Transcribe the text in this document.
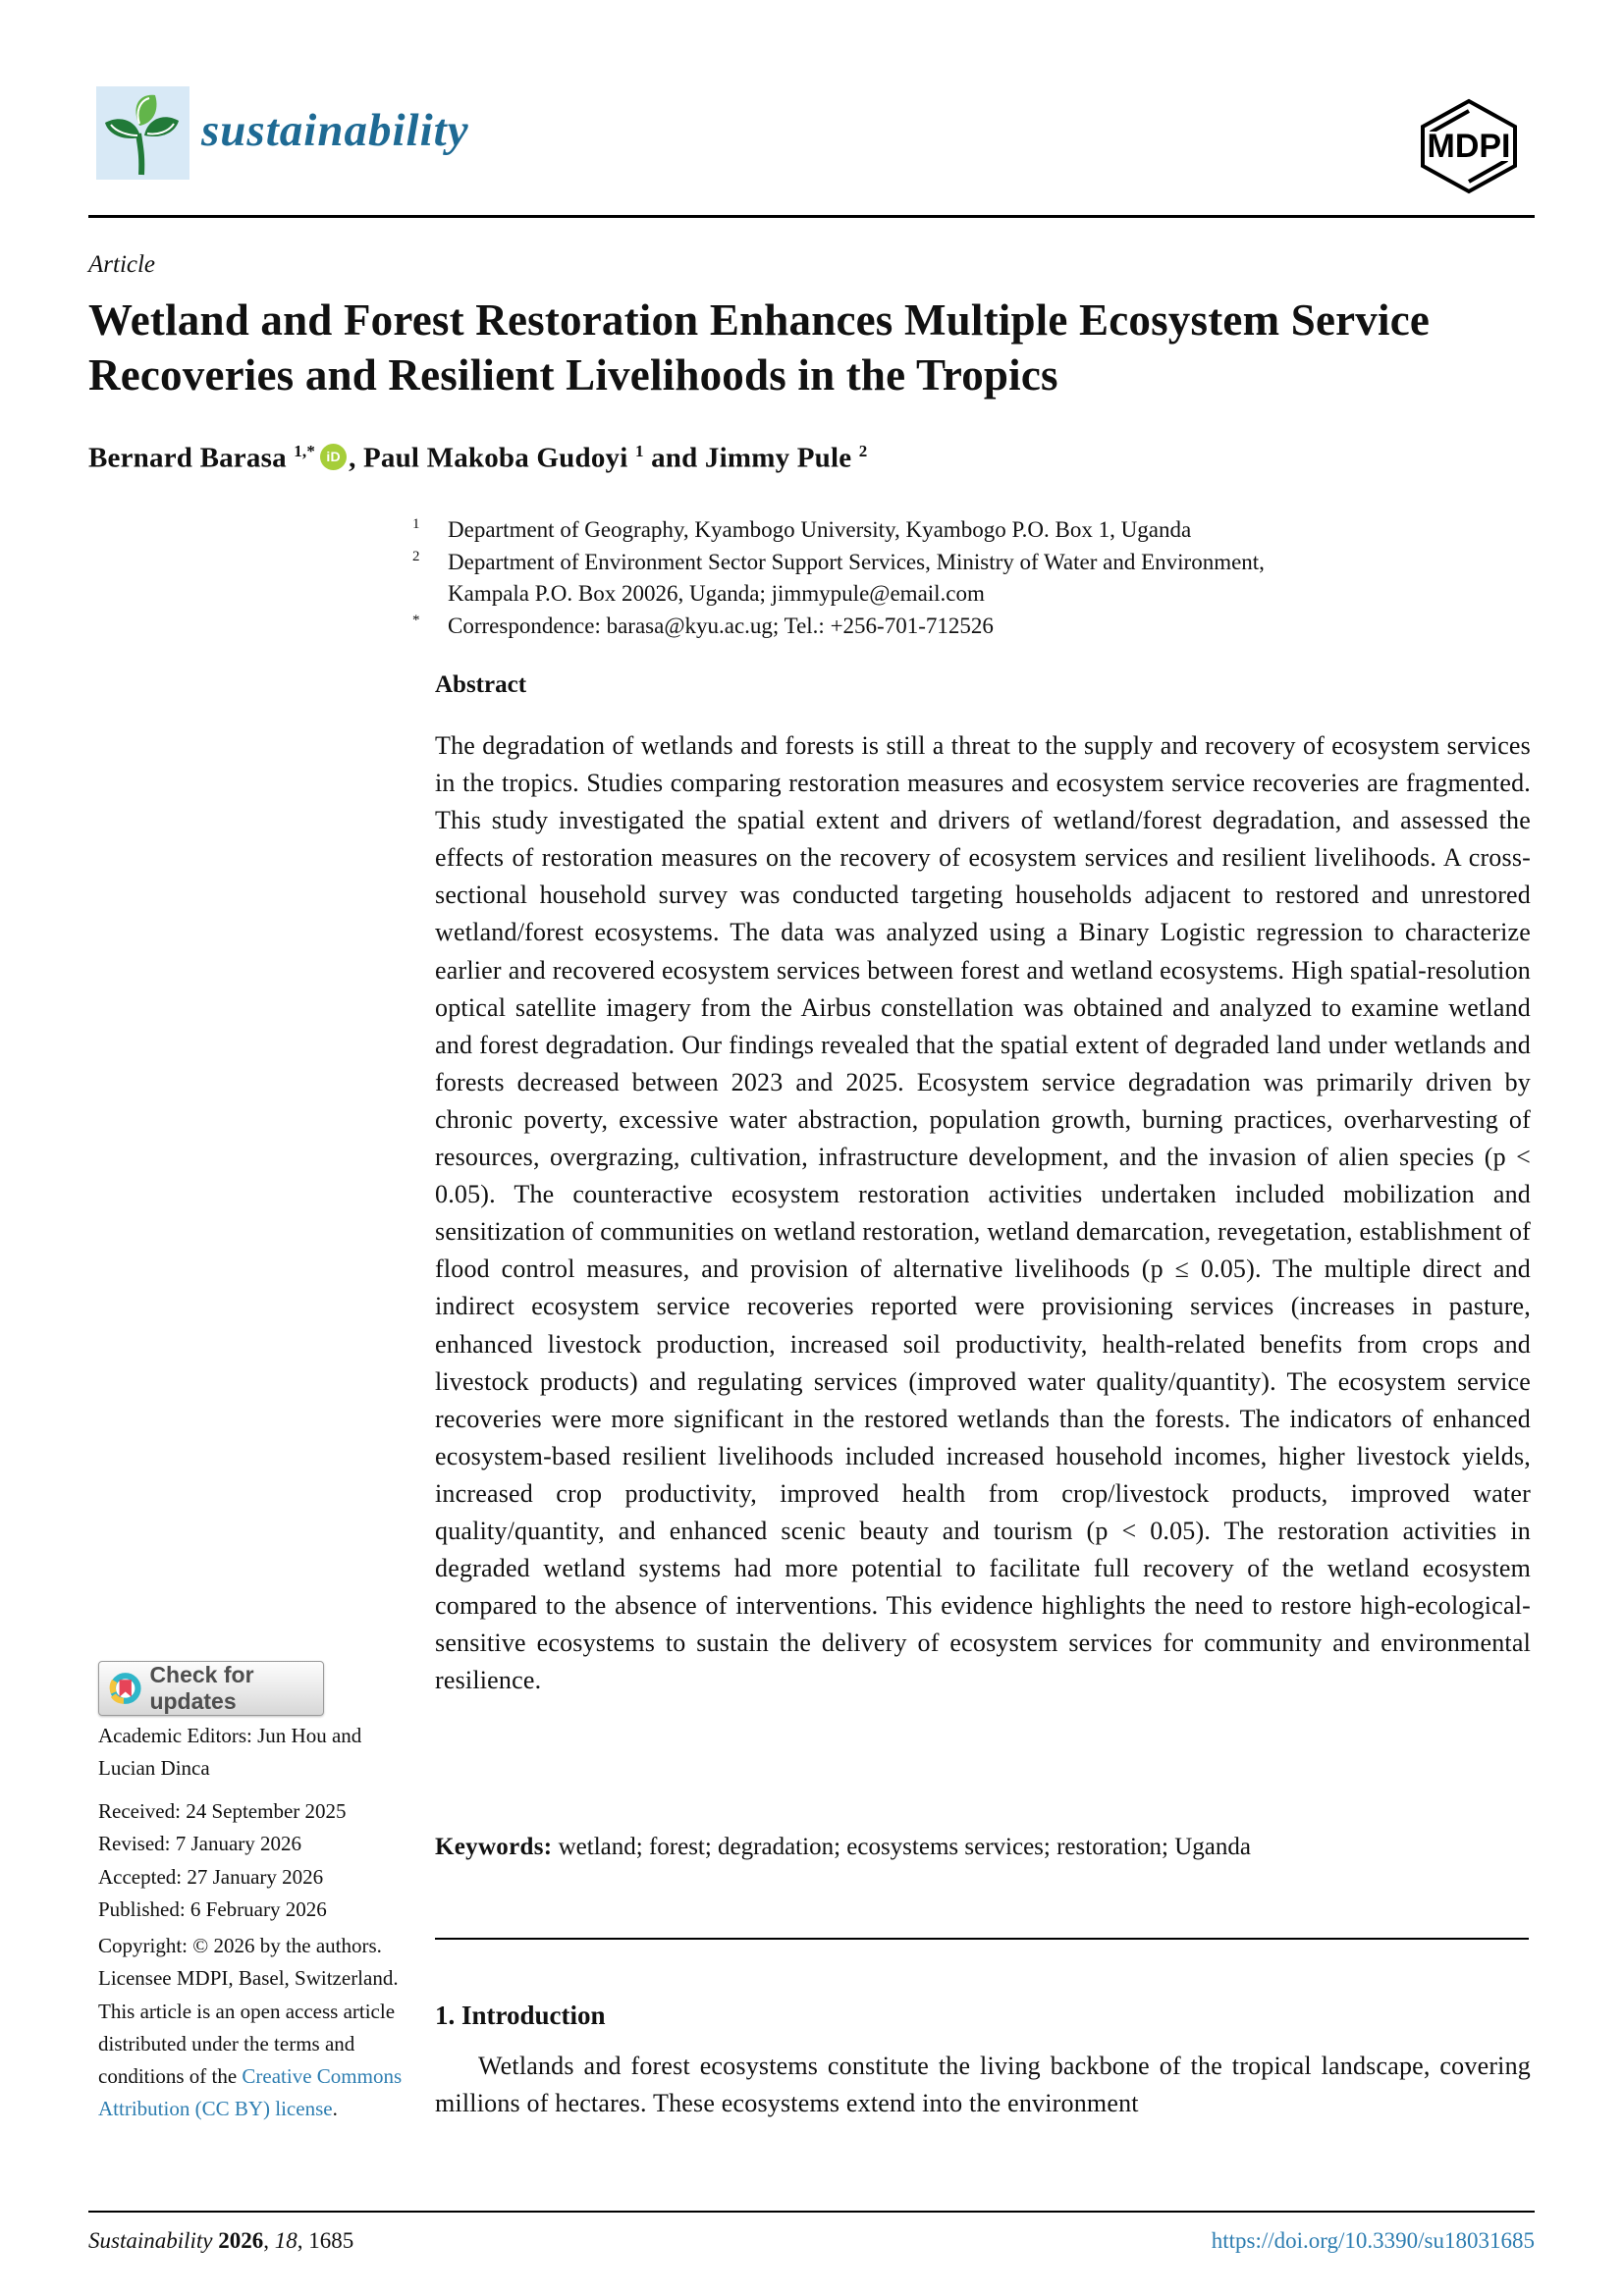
sustainability	MDPI
Article
Wetland and Forest Restoration Enhances Multiple Ecosystem Service Recoveries and Resilient Livelihoods in the Tropics
Bernard Barasa $^{1,*}$ iD , Paul Makoba Gudoyi $^1$ and Jimmy Pule $^2$
1	Department of Geography, Kyambogo University, Kyambogo P.O. Box 1, Uganda
2	Department of Environment Sector Support Services, Ministry of Water and Environment, Kampala P.O. Box 20026, Uganda; jimmypule@email.com
*	Correspondence: barasa@kyu.ac.ug; Tel.: +256-701-712526
Abstract
The degradation of wetlands and forests is still a threat to the supply and recovery of ecosystem services in the tropics. Studies comparing restoration measures and ecosystem service recoveries are fragmented. This study investigated the spatial extent and drivers of wetland/forest degradation, and assessed the effects of restoration measures on the recovery of ecosystem services and resilient livelihoods. A cross-sectional household survey was conducted targeting households adjacent to restored and unrestored wetland/forest ecosystems. The data was analyzed using a Binary Logistic regression to characterize earlier and recovered ecosystem services between forest and wetland ecosystems. High spatial-resolution optical satellite imagery from the Airbus constellation was obtained and analyzed to examine wetland and forest degradation. Our findings revealed that the spatial extent of degraded land under wetlands and forests decreased between 2023 and 2025. Ecosystem service degradation was primarily driven by chronic poverty, excessive water abstraction, population growth, burning practices, overharvesting of resources, overgrazing, cultivation, infrastructure development, and the invasion of alien species (p < 0.05). The counteractive ecosystem restoration activities undertaken included mobilization and sensitization of communities on wetland restoration, wetland demarcation, revegetation, establishment of flood control measures, and provision of alternative livelihoods (p ≤ 0.05). The multiple direct and indirect ecosystem service recoveries reported were provisioning services (increases in pasture, enhanced livestock production, increased soil productivity, health-related benefits from crops and livestock products) and regulating services (improved water quality/quantity). The ecosystem service recoveries were more significant in the restored wetlands than the forests. The indicators of enhanced ecosystem-based resilient livelihoods included increased household incomes, higher livestock yields, increased crop productivity, improved health from crop/livestock products, improved water quality/quantity, and enhanced scenic beauty and tourism (p < 0.05). The restoration activities in degraded wetland systems had more potential to facilitate full recovery of the wetland ecosystem compared to the absence of interventions. This evidence highlights the need to restore high-ecological-sensitive ecosystems to sustain the delivery of ecosystem services for community and environmental resilience.
Keywords: wetland; forest; degradation; ecosystems services; restoration; Uganda
1. Introduction
Wetlands and forest ecosystems constitute the living backbone of the tropical landscape, covering millions of hectares. These ecosystems extend into the environment
Check for updates
Academic Editors: Jun Hou and Lucian Dinca
Received: 24 September 2025
Revised: 7 January 2026
Accepted: 27 January 2026
Published: 6 February 2026
Copyright: © 2026 by the authors. Licensee MDPI, Basel, Switzerland. This article is an open access article distributed under the terms and conditions of the Creative Commons Attribution (CC BY) license.
Sustainability 2026, 18, 1685	https://doi.org/10.3390/su18031685
